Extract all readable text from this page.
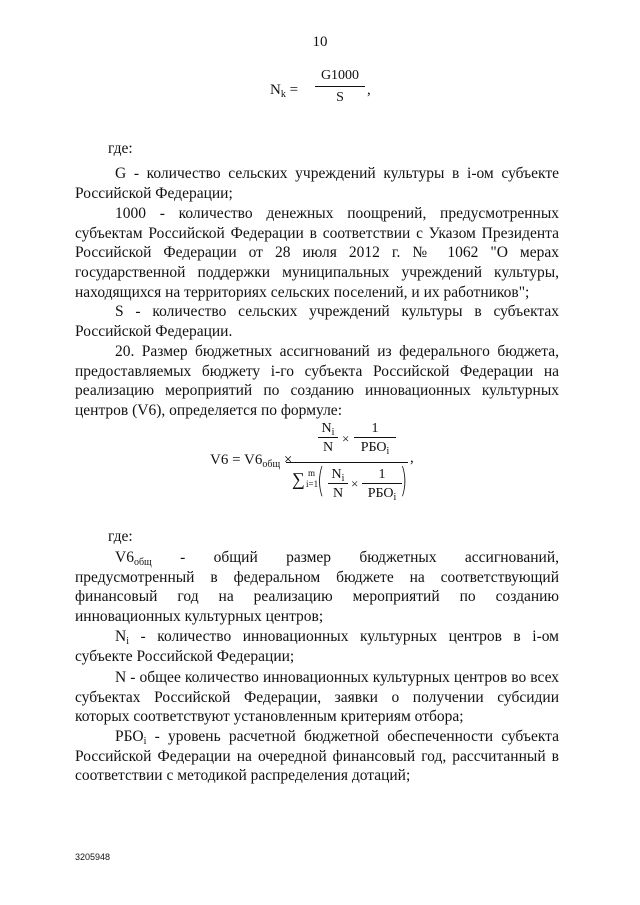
10
$N_k$ =
G1000
S	,
где:
G - количество сельских учреждений культуры в i-ом субъекте Российской Федерации;
1000 - количество денежных поощрений, предусмотренных субъектам Российской Федерации в соответствии с Указом Президента Российской Федерации от 28 июля 2012 г. № 1062 "О мерах государственной поддержки муниципальных учреждений культуры, находящихся на территориях сельских поселений, и их работников";
S - количество сельских учреждений культуры в субъектах Российской Федерации.
20. Размер бюджетных ассигнований из федерального бюджета, предоставляемых бюджету i-го субъекта Российской Федерации на реализацию мероприятий по созданию инновационных культурных центров (V6), определяется по формуле:
$V6 = V6_{общ}$ ×
$N_i$
N
×
1
$РБО_i$
∑ m
i=1
( $N_i$
N
×
1
$РБО_i$ )
,
где:
$V6_{общ}$ - общий размер бюджетных ассигнований, предусмотренный в федеральном бюджете на соответствующий финансовый год на реализацию мероприятий по созданию инновационных культурных центров;
$N_i$ - количество инновационных культурных центров в i-ом субъекте Российской Федерации;
N - общее количество инновационных культурных центров во всех субъектах Российской Федерации, заявки о получении субсидии которых соответствуют установленным критериям отбора;
$РБО_i$ - уровень расчетной бюджетной обеспеченности субъекта Российской Федерации на очередной финансовый год, рассчитанный в соответствии с методикой распределения дотаций;
3205948
